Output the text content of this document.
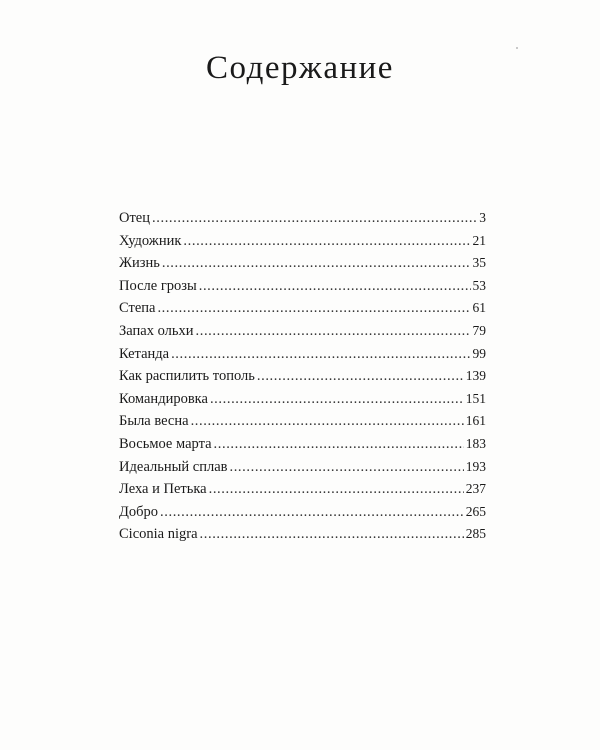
Содержание
Отец .....	3
Художник .....	21
Жизнь .....	35
После грозы .....	53
Степа .....	61
Запах ольхи .....	79
Кетанда .....	99
Как распилить тополь .....	139
Командировка .....	151
Была весна .....	161
Восьмое марта .....	183
Идеальный сплав .....	193
Леха и Петька .....	237
Добро .....	265
Ciconia nigra .....	285
